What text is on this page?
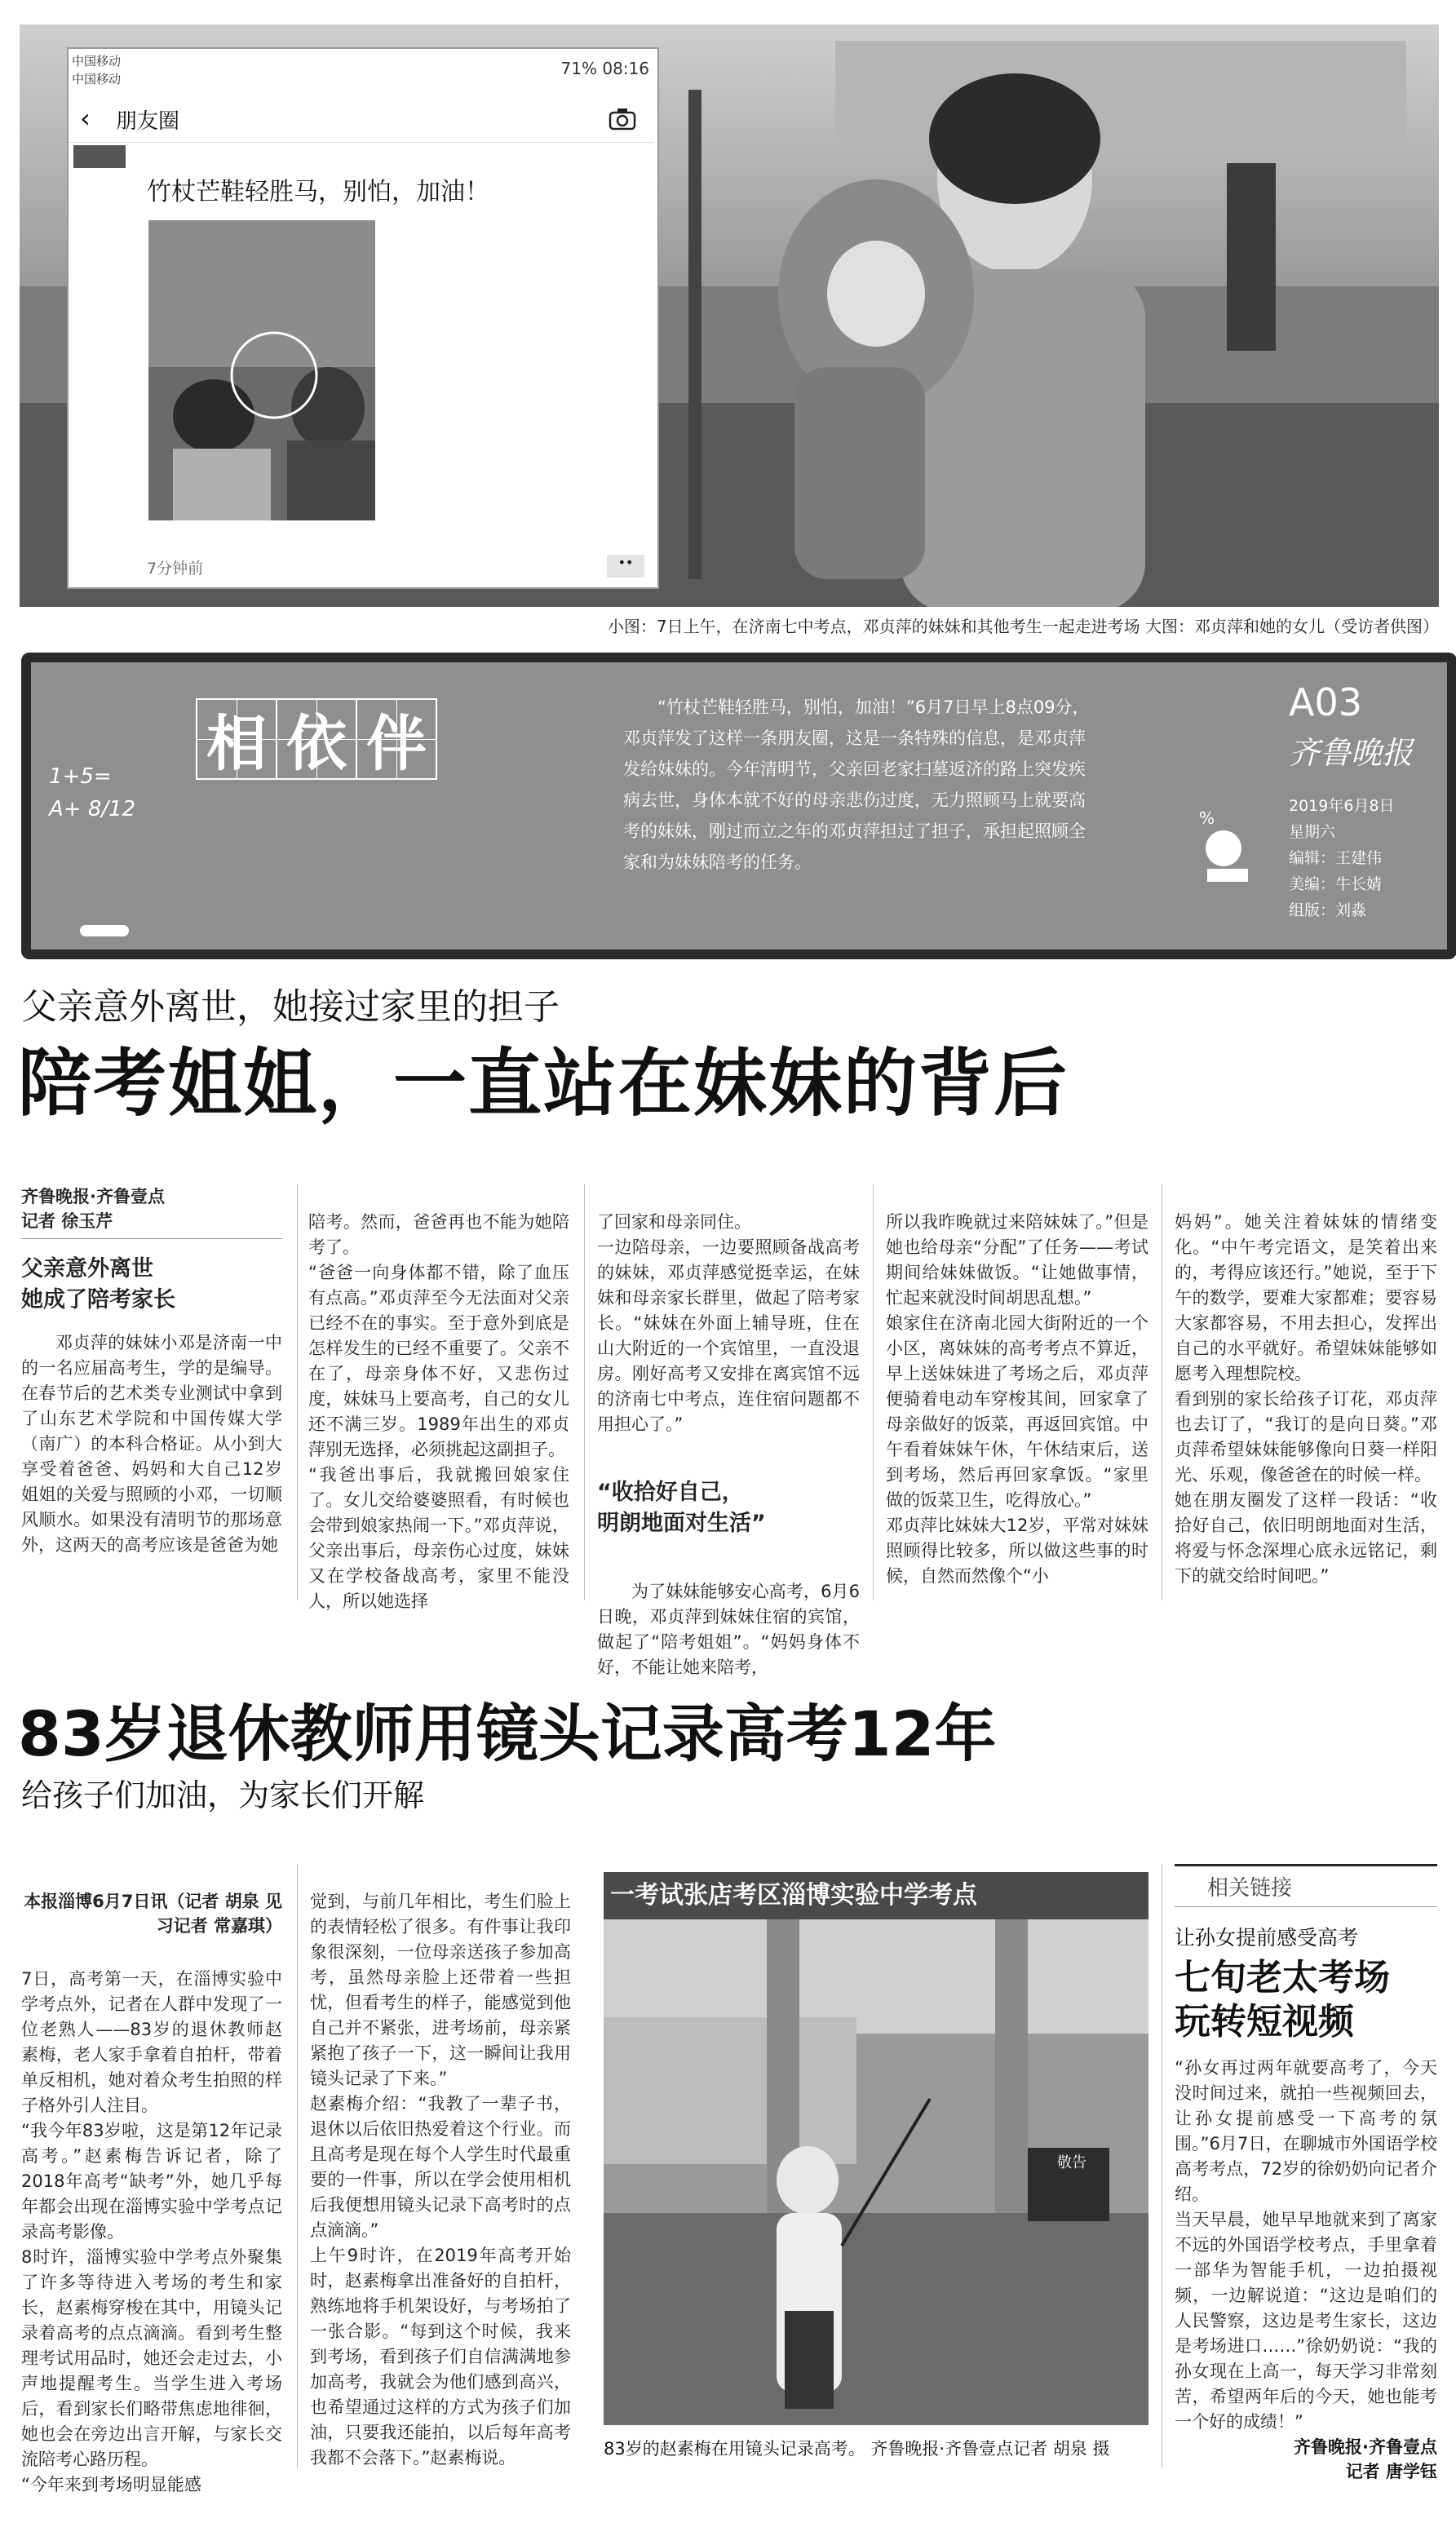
中国移动
中国移动
71% 08:16
‹ 朋友圈
竹杖芒鞋轻胜马，别怕，加油！
7分钟前	••
小图：7日上午，在济南七中考点，邓贞萍的妹妹和其他考生一起走进考场 大图：邓贞萍和她的女儿（受访者供图）
1+5= A+ 8/12
相 依 伴
“竹杖芒鞋轻胜马，别怕，加油！”6月7日早上8点09分，邓贞萍发了这样一条朋友圈，这是一条特殊的信息，是邓贞萍发给妹妹的。今年清明节，父亲回老家扫墓返济的路上突发疾病去世，身体本就不好的母亲悲伤过度，无力照顾马上就要高考的妹妹，刚过而立之年的邓贞萍担过了担子，承担起照顾全家和为妹妹陪考的任务。
A03
齐鲁晚报
%
2019年6月8日
星期六
编辑：王建伟
美编：牛长婧
组版：刘淼
父亲意外离世，她接过家里的担子
陪考姐姐，一直站在妹妹的背后
齐鲁晚报·齐鲁壹点
记者 徐玉芹
父亲意外离世
她成了陪考家长

邓贞萍的妹妹小邓是济南一中的一名应届高考生，学的是编导。在春节后的艺术类专业测试中拿到了山东艺术学院和中国传媒大学（南广）的本科合格证。从小到大享受着爸爸、妈妈和大自己12岁姐姐的关爱与照顾的小邓，一切顺风顺水。如果没有清明节的那场意外，这两天的高考应该是爸爸为她

陪考。然而，爸爸再也不能为她陪考了。
“爸爸一向身体都不错，除了血压有点高。”邓贞萍至今无法面对父亲已经不在的事实。至于意外到底是怎样发生的已经不重要了。父亲不在了，母亲身体不好，又悲伤过度，妹妹马上要高考，自己的女儿还不满三岁。1989年出生的邓贞萍别无选择，必须挑起这副担子。
“我爸出事后，我就搬回娘家住了。女儿交给婆婆照看，有时候也会带到娘家热闹一下。”邓贞萍说，父亲出事后，母亲伤心过度，妹妹又在学校备战高考，家里不能没人，所以她选择

了回家和母亲同住。
一边陪母亲，一边要照顾备战高考的妹妹，邓贞萍感觉挺幸运，在妹妹和母亲家长群里，做起了陪考家长。“妹妹在外面上辅导班，住在山大附近的一个宾馆里，一直没退房。刚好高考又安排在离宾馆不远的济南七中考点，连住宿问题都不用担心了。”

“收拾好自己，
明朗地面对生活”

为了妹妹能够安心高考，6月6日晚，邓贞萍到妹妹住宿的宾馆，做起了“陪考姐姐”。“妈妈身体不好，不能让她来陪考，

所以我昨晚就过来陪妹妹了。”但是她也给母亲“分配”了任务——考试期间给妹妹做饭。“让她做事情，忙起来就没时间胡思乱想。”
娘家住在济南北园大街附近的一个小区，离妹妹的高考考点不算近，早上送妹妹进了考场之后，邓贞萍便骑着电动车穿梭其间，回家拿了母亲做好的饭菜，再返回宾馆。中午看着妹妹午休，午休结束后，送到考场，然后再回家拿饭。“家里做的饭菜卫生，吃得放心。”
邓贞萍比妹妹大12岁，平常对妹妹照顾得比较多，所以做这些事的时候，自然而然像个“小

妈妈”。她关注着妹妹的情绪变化。“中午考完语文，是笑着出来的，考得应该还行。”她说，至于下午的数学，要难大家都难；要容易大家都容易，不用去担心，发挥出自己的水平就好。希望妹妹能够如愿考入理想院校。
看到别的家长给孩子订花，邓贞萍也去订了，“我订的是向日葵。”邓贞萍希望妹妹能够像向日葵一样阳光、乐观，像爸爸在的时候一样。
她在朋友圈发了这样一段话：“收拾好自己，依旧明朗地面对生活，将爱与怀念深埋心底永远铭记，剩下的就交给时间吧。”

83岁退休教师用镜头记录高考12年
给孩子们加油，为家长们开解

本报淄博6月7日讯（记者 胡泉 见习记者 常嘉琪）

7日，高考第一天，在淄博实验中学考点外，记者在人群中发现了一位老熟人——83岁的退休教师赵素梅，老人家手拿着自拍杆，带着单反相机，她对着众考生拍照的样子格外引人注目。
“我今年83岁啦，这是第12年记录高考。”赵素梅告诉记者，除了2018年高考“缺考”外，她几乎每年都会出现在淄博实验中学考点记录高考影像。
8时许，淄博实验中学考点外聚集了许多等待进入考场的考生和家长，赵素梅穿梭在其中，用镜头记录着高考的点点滴滴。看到考生整理考试用品时，她还会走过去，小声地提醒考生。当学生进入考场后，看到家长们略带焦虑地徘徊，她也会在旁边出言开解，与家长交流陪考心路历程。
“今年来到考场明显能感

觉到，与前几年相比，考生们脸上的表情轻松了很多。有件事让我印象很深刻，一位母亲送孩子参加高考，虽然母亲脸上还带着一些担忧，但看考生的样子，能感觉到他自己并不紧张，进考场前，母亲紧紧抱了孩子一下，这一瞬间让我用镜头记录了下来。”
赵素梅介绍：“我教了一辈子书，退休以后依旧热爱着这个行业。而且高考是现在每个人学生时代最重要的一件事，所以在学会使用相机后我便想用镜头记录下高考时的点点滴滴。”
上午9时许，在2019年高考开始时，赵素梅拿出准备好的自拍杆，熟练地将手机架设好，与考场拍了一张合影。“每到这个时候，我来到考场，看到孩子们自信满满地参加高考，我就会为他们感到高兴，也希望通过这样的方式为孩子们加油，只要我还能拍，以后每年高考我都不会落下。”赵素梅说。

一考试张店考区淄博实验中学考点
敬告
83岁的赵素梅在用镜头记录高考。 齐鲁晚报·齐鲁壹点记者 胡泉 摄
相关链接
让孙女提前感受高考
七旬老太考场
玩转短视频
“孙女再过两年就要高考了，今天没时间过来，就拍一些视频回去，让孙女提前感受一下高考的氛围。”6月7日，在聊城市外国语学校高考考点，72岁的徐奶奶向记者介绍。
当天早晨，她早早地就来到了离家不远的外国语学校考点，手里拿着一部华为智能手机，一边拍摄视频，一边解说道：“这边是咱们的人民警察，这边是考生家长，这边是考场进口……”徐奶奶说：“我的孙女现在上高一，每天学习非常刻苦，希望两年后的今天，她也能考一个好的成绩！”
齐鲁晚报·齐鲁壹点
记者 唐学钰
